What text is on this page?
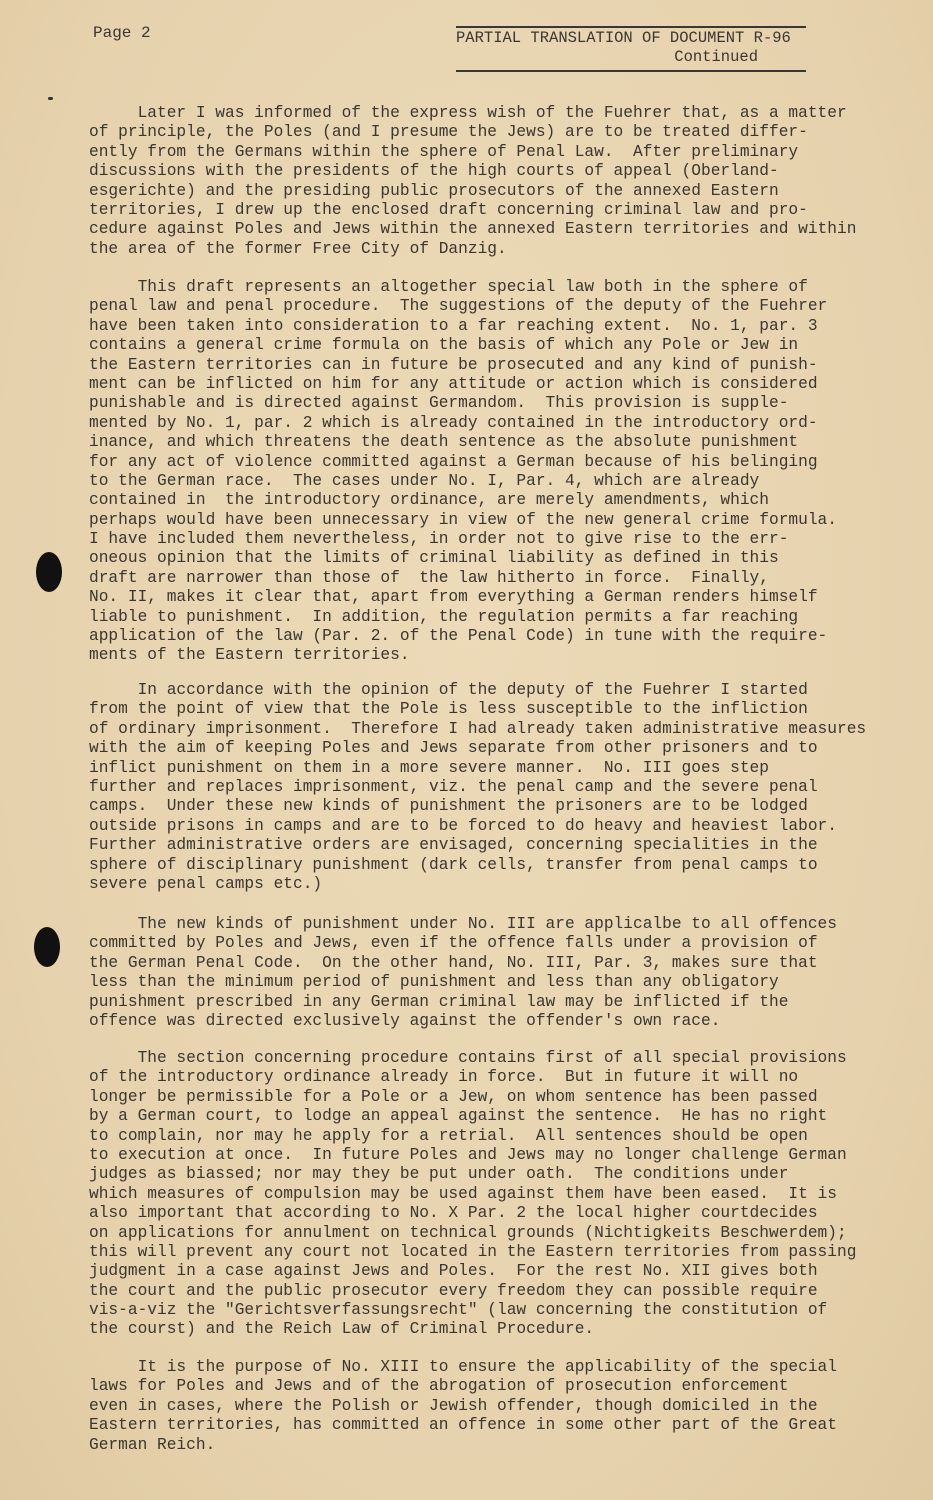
Page 2	PARTIAL TRANSLATION OF DOCUMENT R-96
Continued
Later I was informed of the express wish of the Fuehrer that, as a matter
of principle, the Poles (and I presume the Jews) are to be treated differ-
ently from the Germans within the sphere of Penal Law.  After preliminary
discussions with the presidents of the high courts of appeal (Oberland-
esgerichte) and the presiding public prosecutors of the annexed Eastern
territories, I drew up the enclosed draft concerning criminal law and pro-
cedure against Poles and Jews within the annexed Eastern territories and within
the area of the former Free City of Danzig.
This draft represents an altogether special law both in the sphere of
penal law and penal procedure.  The suggestions of the deputy of the Fuehrer
have been taken into consideration to a far reaching extent.  No. 1, par. 3
contains a general crime formula on the basis of which any Pole or Jew in
the Eastern territories can in future be prosecuted and any kind of punish-
ment can be inflicted on him for any attitude or action which is considered
punishable and is directed against Germandom.  This provision is supple-
mented by No. 1, par. 2 which is already contained in the introductory ord-
inance, and which threatens the death sentence as the absolute punishment
for any act of violence committed against a German because of his belinging
to the German race.  The cases under No. I, Par. 4, which are already
contained in  the introductory ordinance, are merely amendments, which
perhaps would have been unnecessary in view of the new general crime formula.
I have included them nevertheless, in order not to give rise to the err-
oneous opinion that the limits of criminal liability as defined in this
draft are narrower than those of  the law hitherto in force.  Finally,
No. II, makes it clear that, apart from everything a German renders himself
liable to punishment.  In addition, the regulation permits a far reaching
application of the law (Par. 2. of the Penal Code) in tune with the require-
ments of the Eastern territories.
In accordance with the opinion of the deputy of the Fuehrer I started
from the point of view that the Pole is less susceptible to the infliction
of ordinary imprisonment.  Therefore I had already taken administrative measures
with the aim of keeping Poles and Jews separate from other prisoners and to
inflict punishment on them in a more severe manner.  No. III goes step
further and replaces imprisonment, viz. the penal camp and the severe penal
camps.  Under these new kinds of punishment the prisoners are to be lodged
outside prisons in camps and are to be forced to do heavy and heaviest labor.
Further administrative orders are envisaged, concerning specialities in the
sphere of disciplinary punishment (dark cells, transfer from penal camps to
severe penal camps etc.)
The new kinds of punishment under No. III are applicalbe to all offences
committed by Poles and Jews, even if the offence falls under a provision of
the German Penal Code.  On the other hand, No. III, Par. 3, makes sure that
less than the minimum period of punishment and less than any obligatory
punishment prescribed in any German criminal law may be inflicted if the
offence was directed exclusively against the offender's own race.
The section concerning procedure contains first of all special provisions
of the introductory ordinance already in force.  But in future it will no
longer be permissible for a Pole or a Jew, on whom sentence has been passed
by a German court, to lodge an appeal against the sentence.  He has no right
to complain, nor may he apply for a retrial.  All sentences should be open
to execution at once.  In future Poles and Jews may no longer challenge German
judges as biassed; nor may they be put under oath.  The conditions under
which measures of compulsion may be used against them have been eased.  It is
also important that according to No. X Par. 2 the local higher courtdecides
on applications for annulment on technical grounds (Nichtigkeits Beschwerdem);
this will prevent any court not located in the Eastern territories from passing
judgment in a case against Jews and Poles.  For the rest No. XII gives both
the court and the public prosecutor every freedom they can possible require
vis-a-viz the "Gerichtsverfassungsrecht" (law concerning the constitution of
the courst) and the Reich Law of Criminal Procedure.
It is the purpose of No. XIII to ensure the applicability of the special
laws for Poles and Jews and of the abrogation of prosecution enforcement
even in cases, where the Polish or Jewish offender, though domiciled in the
Eastern territories, has committed an offence in some other part of the Great
German Reich.
